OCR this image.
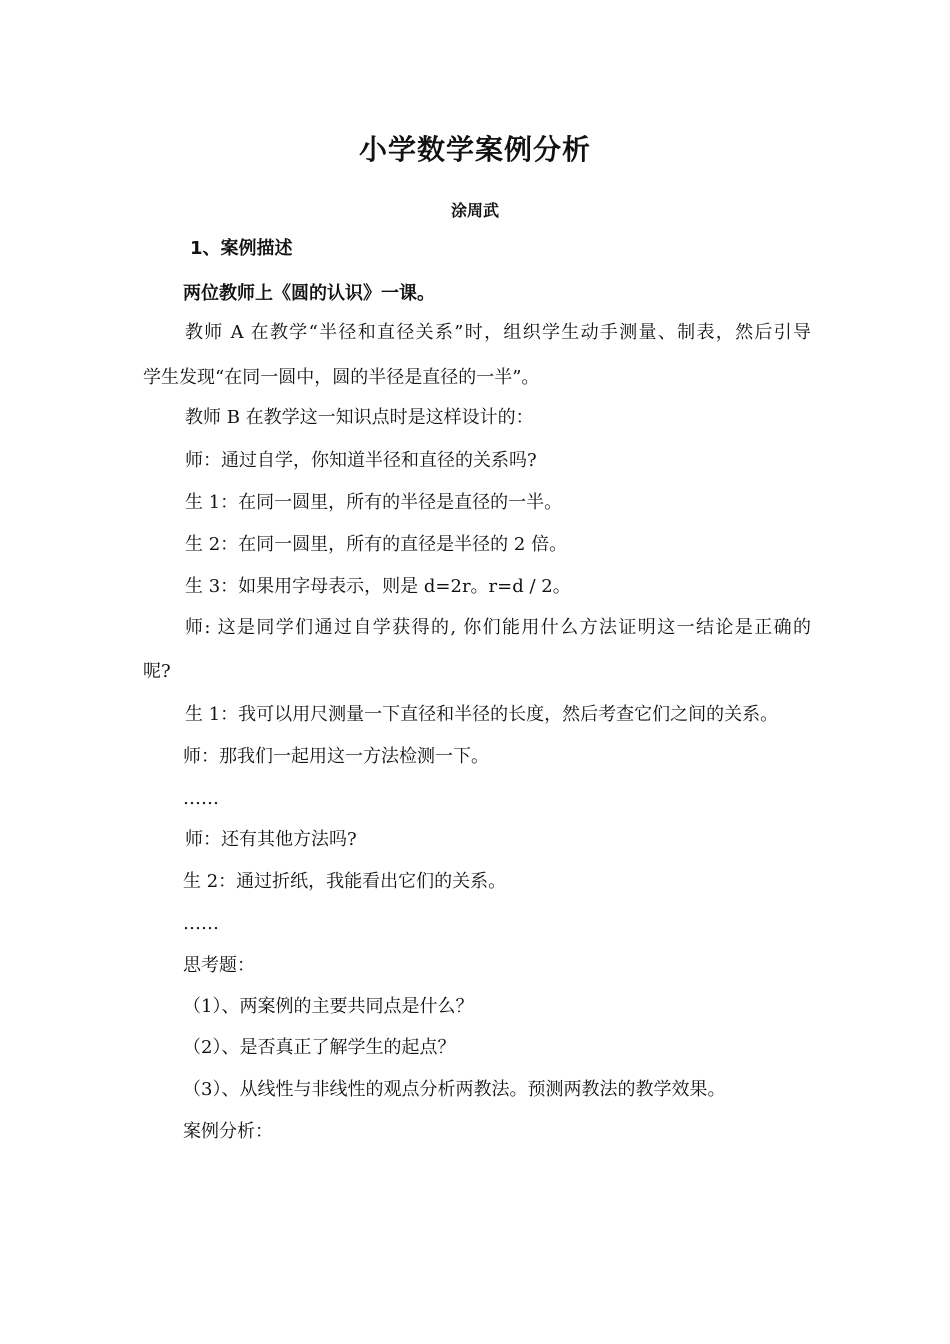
小学数学案例分析
涂周武
1、案例描述
两位教师上《圆的认识》一课。
教师 A 在教学“半径和直径关系”时，组织学生动手测量、制表，然后引导
学生发现“在同一圆中，圆的半径是直径的一半”。
教师 B 在教学这一知识点时是这样设计的：
师：通过自学，你知道半径和直径的关系吗?
生 1：在同一圆里，所有的半径是直径的一半。
生 2：在同一圆里，所有的直径是半径的 2 倍。
生 3：如果用字母表示，则是 d=2r。r=d / 2。
师: 这是同学们通过自学获得的, 你们能用什么方法证明这一结论是正确的
呢?
生 1：我可以用尺测量一下直径和半径的长度，然后考查它们之间的关系。
师：那我们一起用这一方法检测一下。
……
师：还有其他方法吗?
生 2：通过折纸，我能看出它们的关系。
……
思考题：
（1）、两案例的主要共同点是什么？
（2）、是否真正了解学生的起点？
（3）、从线性与非线性的观点分析两教法。预测两教法的教学效果。
案例分析：
